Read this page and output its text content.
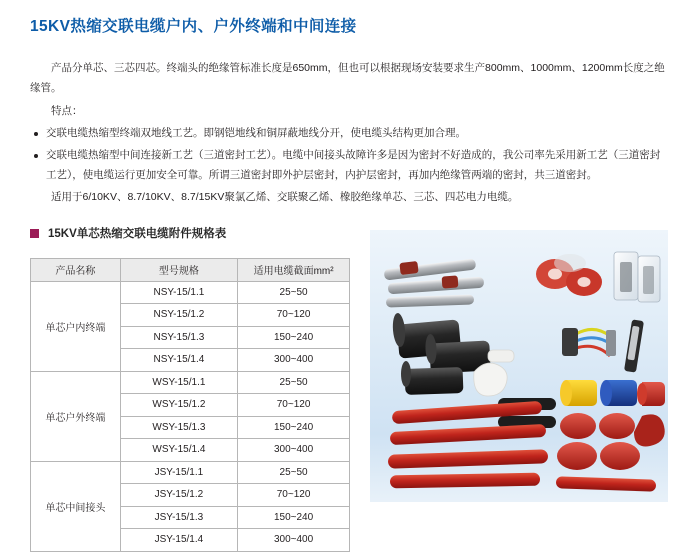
15KV热缩交联电缆户内、户外终端和中间连接

产品分单芯、三芯四芯。终端头的绝缘管标准长度是650mm，但也可以根据现场安装要求生产800mm、1000mm、1200mm长度之绝缘管。

特点：

交联电缆热缩型终端双地线工艺。即钢铠地线和铜屏蔽地线分开，使电缆头结构更加合理。
交联电缆热缩型中间连接新工艺（三道密封工艺）。电缆中间接头故障许多是因为密封不好造成的，我公司率先采用新工艺（三道密封工艺），使电缆运行更加安全可靠。所谓三道密封即外护层密封，内护层密封，再加内绝缘管两端的密封，共三道密封。

适用于6/10KV、8.7/10KV、8.7/15KV聚氯乙烯、交联聚乙烯、橡胶绝缘单芯、三芯、四芯电力电缆。

15KV单芯热缩交联电缆附件规格表
产品名称	型号规格	适用电缆截面mm²
单芯户内终端	NSY-15/1.1	25~50
	NSY-15/1.2	70~120
	NSY-15/1.3	150~240
	NSY-15/1.4	300~400
单芯户外终端	WSY-15/1.1	25~50
	WSY-15/1.2	70~120
	WSY-15/1.3	150~240
	WSY-15/1.4	300~400
单芯中间接头	JSY-15/1.1	25~50
	JSY-15/1.2	70~120
	JSY-15/1.3	150~240
	JSY-15/1.4	300~400
